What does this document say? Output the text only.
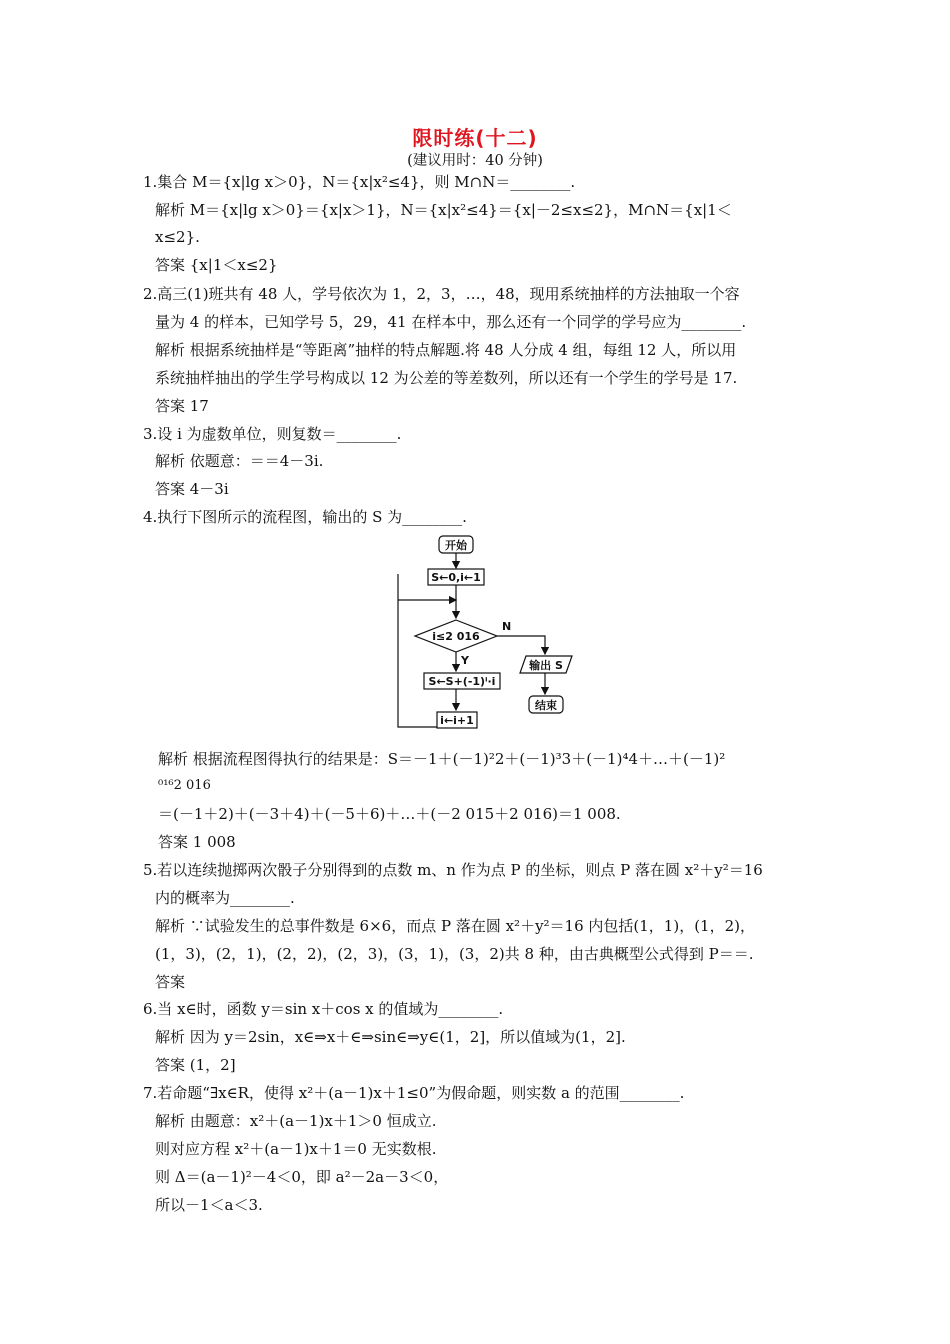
限时练(十二)
(建议用时：40 分钟)
1.集合 M＝{x|lg x＞0}，N＝{x|x²≤4}，则 M∩N＝________.
解析 M＝{x|lg x＞0}＝{x|x＞1}，N＝{x|x²≤4}＝{x|－2≤x≤2}，M∩N＝{x|1＜
x≤2}.
答案 {x|1＜x≤2}
2.高三(1)班共有 48 人，学号依次为 1，2，3，…，48，现用系统抽样的方法抽取一个容
量为 4 的样本，已知学号 5，29，41 在样本中，那么还有一个同学的学号应为________.
解析 根据系统抽样是“等距离”抽样的特点解题.将 48 人分成 4 组，每组 12 人，所以用
系统抽样抽出的学生学号构成以 12 为公差的等差数列，所以还有一个学生的学号是 17.
答案 17
3.设 i 为虚数单位，则复数＝________.
解析 依题意：＝＝4－3i.
答案 4－3i
4.执行下图所示的流程图，输出的 S 为________.
开始
S←0,i←1
i≤2 016
N
输出 S
结束
Y
S←S+(-1)ⁱ·i
i←i+1
解析 根据流程图得执行的结果是：S＝－1＋(－1)²2＋(－1)³3＋(－1)⁴4＋…＋(－1)²
⁰¹⁶2 016
＝(－1＋2)＋(－3＋4)＋(－5＋6)＋…＋(－2 015＋2 016)＝1 008.
答案 1 008
5.若以连续抛掷两次骰子分别得到的点数 m、n 作为点 P 的坐标，则点 P 落在圆 x²＋y²＝16
内的概率为________.
解析 ∵试验发生的总事件数是 6×6，而点 P 落在圆 x²＋y²＝16 内包括(1，1)，(1，2)，
(1，3)，(2，1)，(2，2)，(2，3)，(3，1)，(3，2)共 8 种，由古典概型公式得到 P＝＝.
答案
6.当 x∈时，函数 y＝sin x＋cos x 的值域为________.
解析 因为 y＝2sin，x∈⇒x＋∈⇒sin∈⇒y∈(1，2]，所以值域为(1，2].
答案 (1，2]
7.若命题“∃x∈R，使得 x²＋(a－1)x＋1≤0”为假命题，则实数 a 的范围________.
解析 由题意：x²＋(a－1)x＋1＞0 恒成立.
则对应方程 x²＋(a－1)x＋1＝0 无实数根.
则 Δ＝(a－1)²－4＜0，即 a²－2a－3＜0，
所以－1＜a＜3.
